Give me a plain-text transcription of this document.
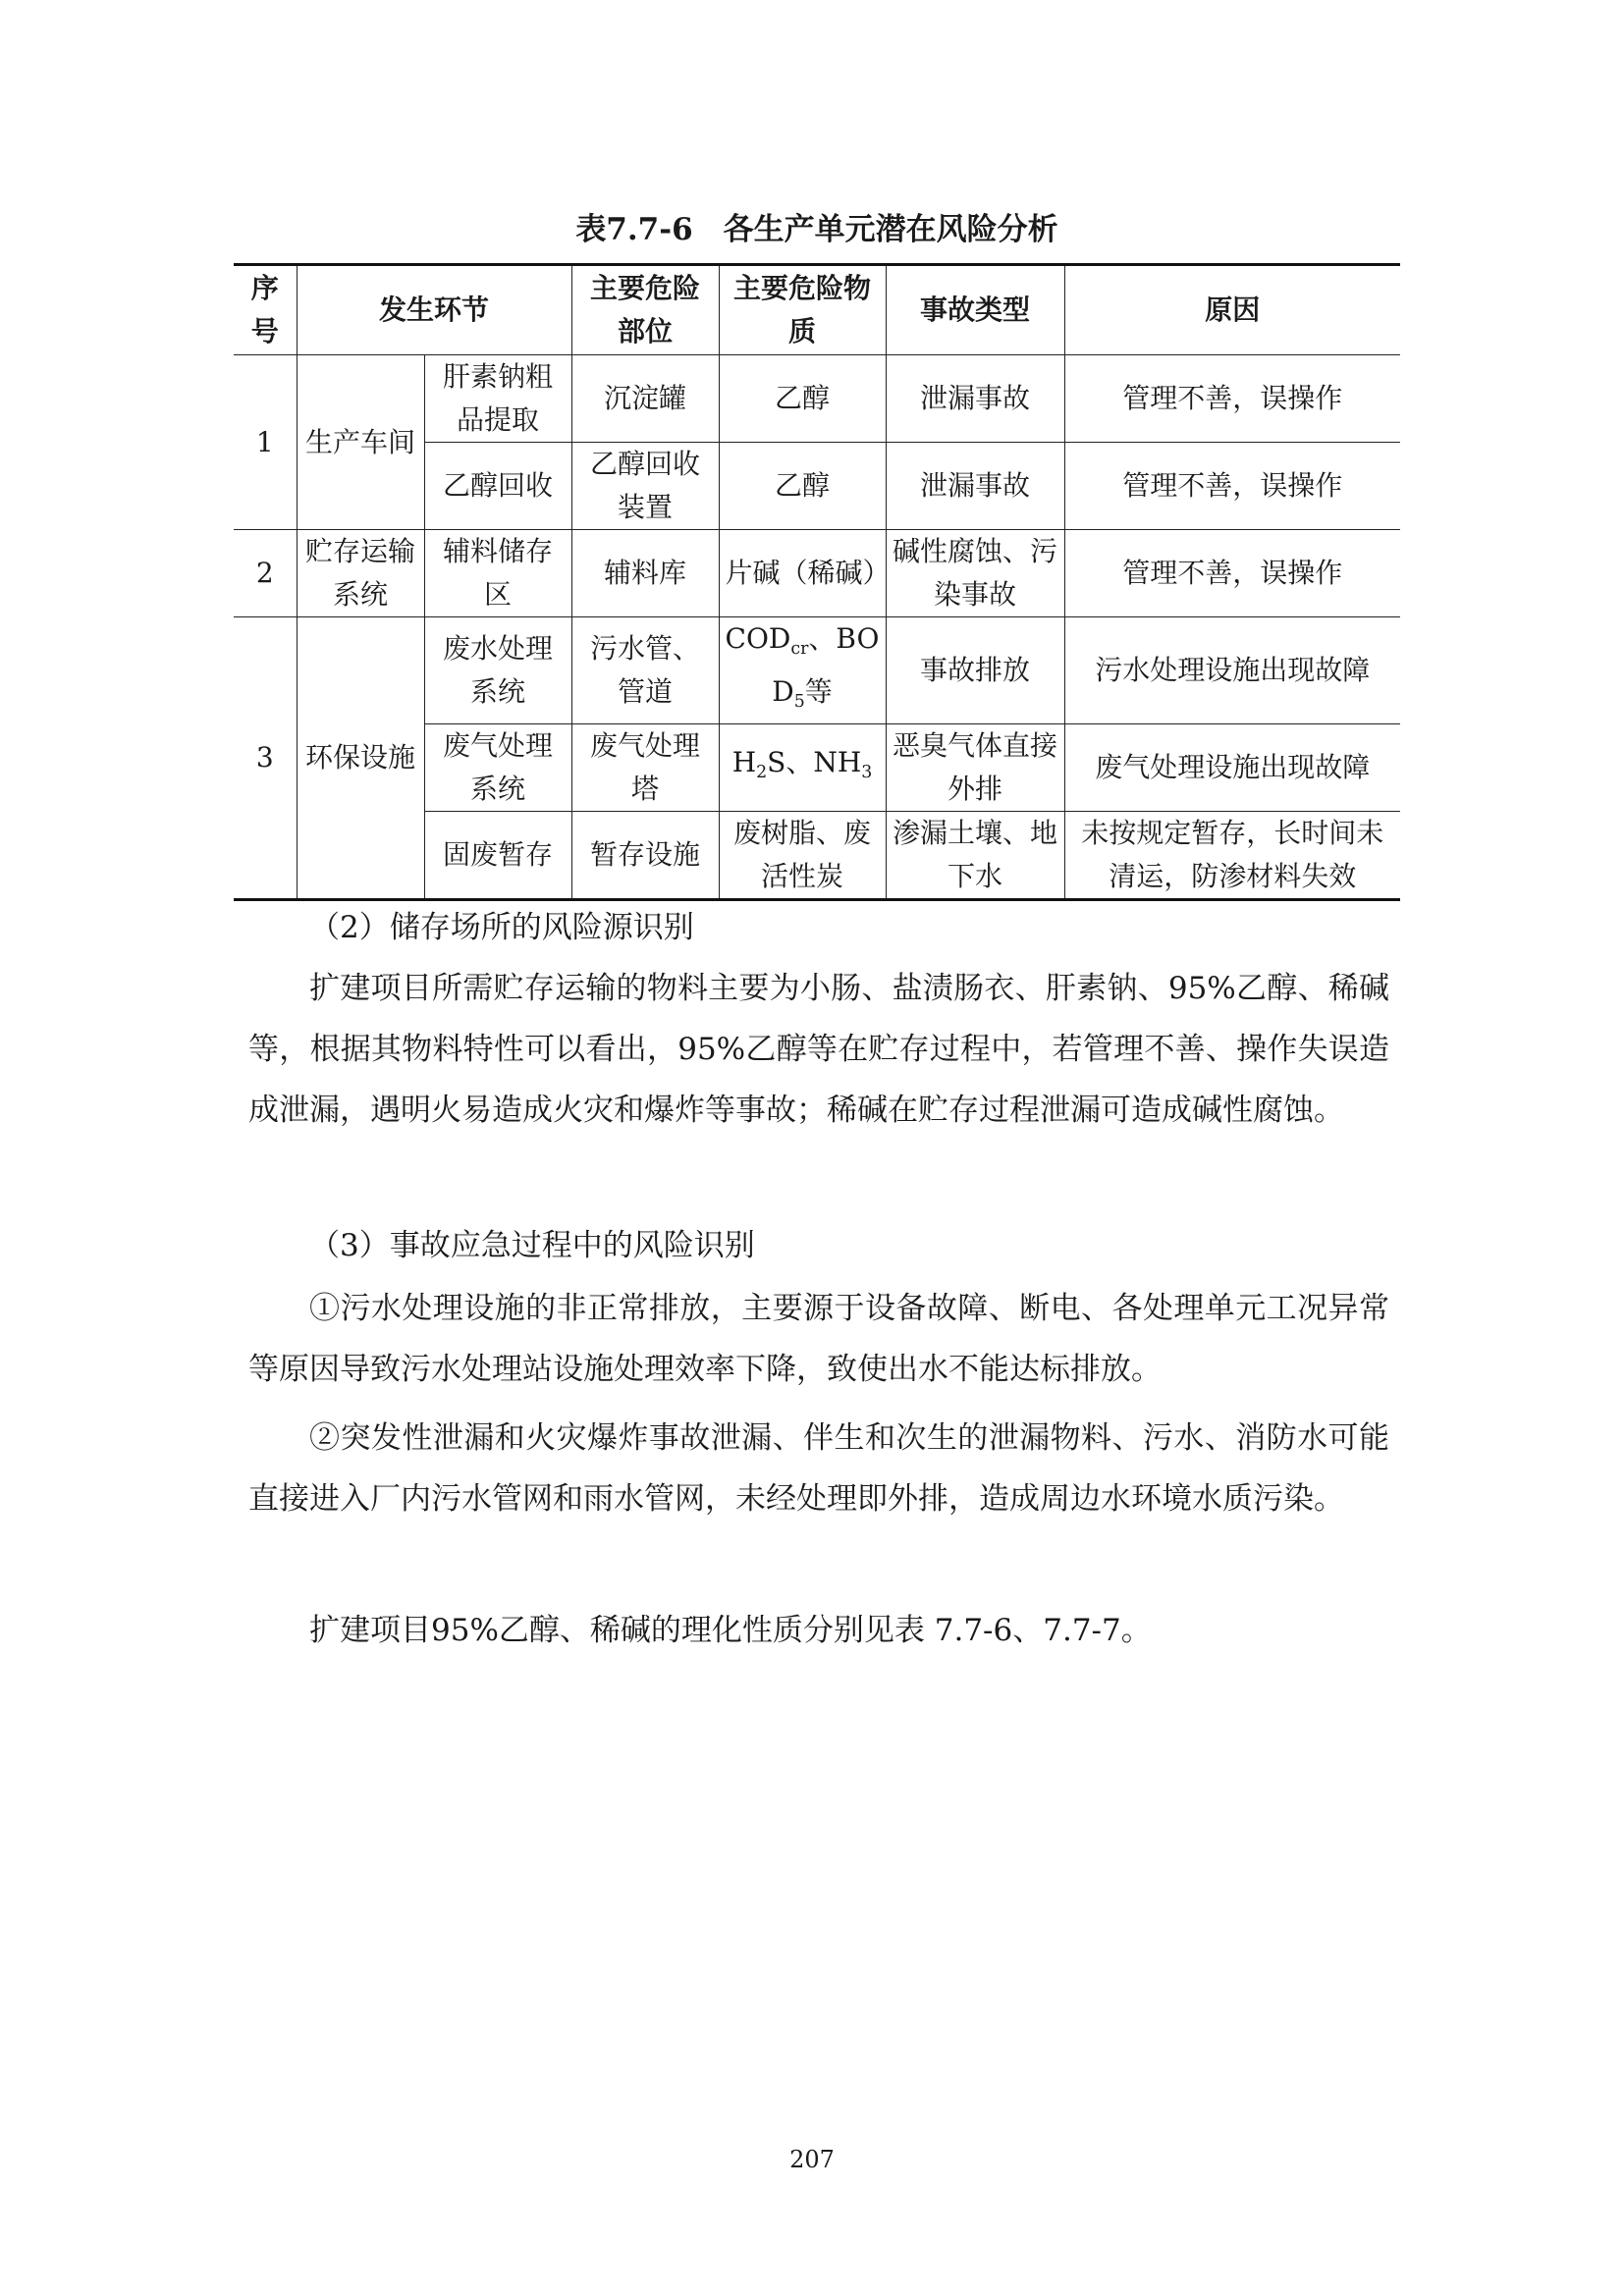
表7.7-6　各生产单元潜在风险分析
序号	发生环节		主要危险部位	主要危险物质	事故类型	原因
1	生产车间	肝素钠粗品提取	沉淀罐	乙醇	泄漏事故	管理不善，误操作
		乙醇回收	乙醇回收装置	乙醇	泄漏事故	管理不善，误操作
2	贮存运输系统	辅料储存区	辅料库	片碱（稀碱）	碱性腐蚀、污染事故	管理不善，误操作
3	环保设施	废水处理系统	污水管、管道	$COD_{cr}$、$BOD_5$等	事故排放	污水处理设施出现故障
		废气处理系统	废气处理塔	$H_2S$、$NH_3$	恶臭气体直接外排	废气处理设施出现故障
		固废暂存	暂存设施	废树脂、废活性炭	渗漏土壤、地下水	未按规定暂存，长时间未清运，防渗材料失效
（2）储存场所的风险源识别
扩建项目所需贮存运输的物料主要为小肠、盐渍肠衣、肝素钠、95%乙醇、稀碱等，根据其物料特性可以看出，95%乙醇等在贮存过程中，若管理不善、操作失误造成泄漏，遇明火易造成火灾和爆炸等事故；稀碱在贮存过程泄漏可造成碱性腐蚀。
（3）事故应急过程中的风险识别
①污水处理设施的非正常排放，主要源于设备故障、断电、各处理单元工况异常等原因导致污水处理站设施处理效率下降，致使出水不能达标排放。
②突发性泄漏和火灾爆炸事故泄漏、伴生和次生的泄漏物料、污水、消防水可能直接进入厂内污水管网和雨水管网，未经处理即外排，造成周边水环境水质污染。
扩建项目95%乙醇、稀碱的理化性质分别见表 7.7-6、7.7-7。
207
